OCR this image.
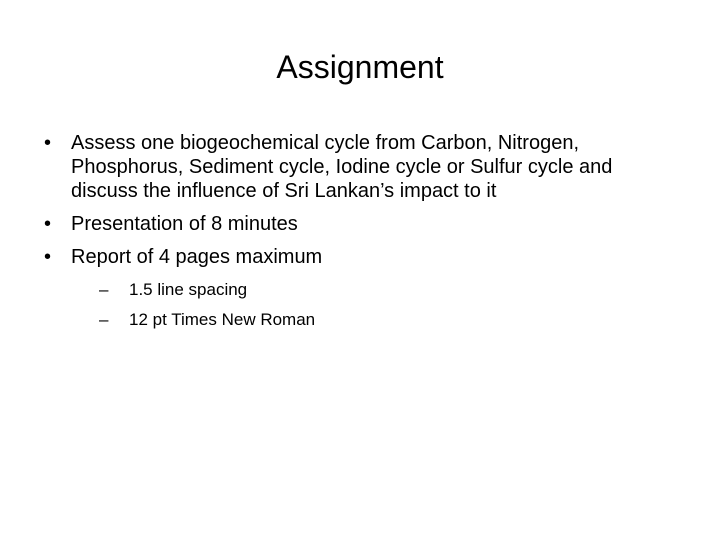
Assignment
• Assess one biogeochemical cycle from Carbon, Nitrogen, Phosphorus, Sediment cycle, Iodine cycle or Sulfur cycle and discuss the influence of Sri Lankan’s impact to it
• Presentation of 8 minutes
• Report of 4 pages maximum
– 1.5 line spacing
– 12 pt Times New Roman
